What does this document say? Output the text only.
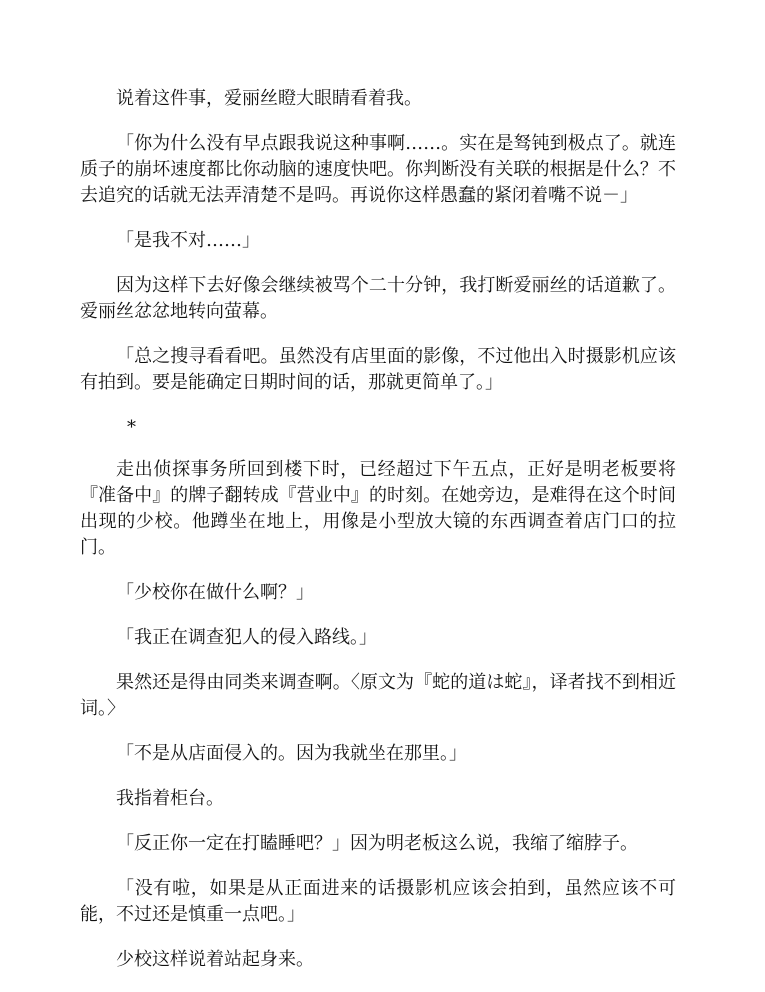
说着这件事，爱丽丝瞪大眼睛看着我。

「你为什么没有早点跟我说这种事啊……。实在是驽钝到极点了。就连质子的崩坏速度都比你动脑的速度快吧。你判断没有关联的根据是什么？不去追究的话就无法弄清楚不是吗。再说你这样愚蠢的紧闭着嘴不说－」

「是我不对……」

因为这样下去好像会继续被骂个二十分钟，我打断爱丽丝的话道歉了。爱丽丝忿忿地转向萤幕。

「总之搜寻看看吧。虽然没有店里面的影像，不过他出入时摄影机应该有拍到。要是能确定日期时间的话，那就更简单了。」

*

走出侦探事务所回到楼下时，已经超过下午五点，正好是明老板要将『准备中』的牌子翻转成『营业中』的时刻。在她旁边，是难得在这个时间出现的少校。他蹲坐在地上，用像是小型放大镜的东西调查着店门口的拉门。

「少校你在做什么啊？」

「我正在调查犯人的侵入路线。」

果然还是得由同类来调查啊。〈原文为『蛇的道は蛇』，译者找不到相近词。〉

「不是从店面侵入的。因为我就坐在那里。」

我指着柜台。

「反正你一定在打瞌睡吧？」因为明老板这么说，我缩了缩脖子。

「没有啦，如果是从正面进来的话摄影机应该会拍到，虽然应该不可能，不过还是慎重一点吧。」

少校这样说着站起身来。
